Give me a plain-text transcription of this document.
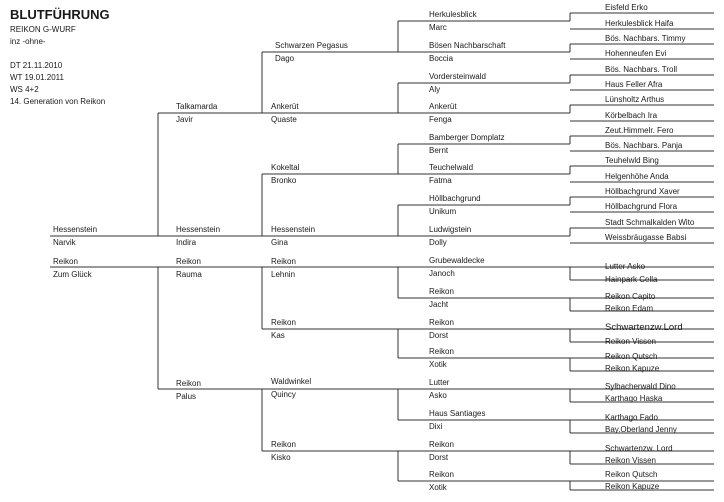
BLUTFÜHRUNG
REIKON G-WURF
inz -ohne-
DT 21.11.2010
WT 19.01.2011
WS 4+2
14. Generation von Reikon
Hessenstein
Narvik
Reikon
Zum Glück
Talkamarda
Javir
Hessenstein
Indira
Reikon
Rauma
Reikon
Palus
Schwarzen Pegasus
Dago
Ankerüt
Quaste
Kokeltal
Bronko
Hessenstein
Gina
Reikon
Lehnin
Reikon
Kas
Waldwinkel
Quincy
Reikon
Kisko
Herkulesblick
Marc
Bösen Nachbarschaft
Boccia
Vordersteinwald
Aly
Ankerüt
Fenga
Bamberger Domplatz
Bernt
Teuchelwald
Fatma
Höllbachgrund
Unikum
Ludwigstein
Dolly
Grubewaldecke
Janoch
Reikon
Jacht
Reikon
Dorst
Reikon
Xotik
Lutter
Asko
Haus Santiages
Dixi
Reikon
Dorst
Reikon
Xotik
Eisfeld Erko
Herkulesblick Haifa
Bös. Nachbars. Timmy
Hohenneufen Evi
Bös. Nachbars. Troll
Haus Feller Afra
Lünsholtz Arthus
Körbelbach Ira
Zeut.Himmelr. Fero
Bös. Nachbars. Panja
Teuhelwld Bing
Helgenhöhe Anda
Höllbachgrund Xaver
Höllbachgrund Flora
Stadt Schmalkalden Wito
Weissbräugasse Babsi
Lutter Asko
Hainpark Cella
Reikon Capito
Reikon Edam
Schwartenzw.Lord
Reikon Vissen
Reikon Qutsch
Reikon Kapuze
Sylbacherwald Dino
Karthago Haska
Karthago Fado
Bay.Oberland Jenny
Schwartenzw. Lord
Reikon Vissen
Reikon Qutsch
Reikon Kapuze
